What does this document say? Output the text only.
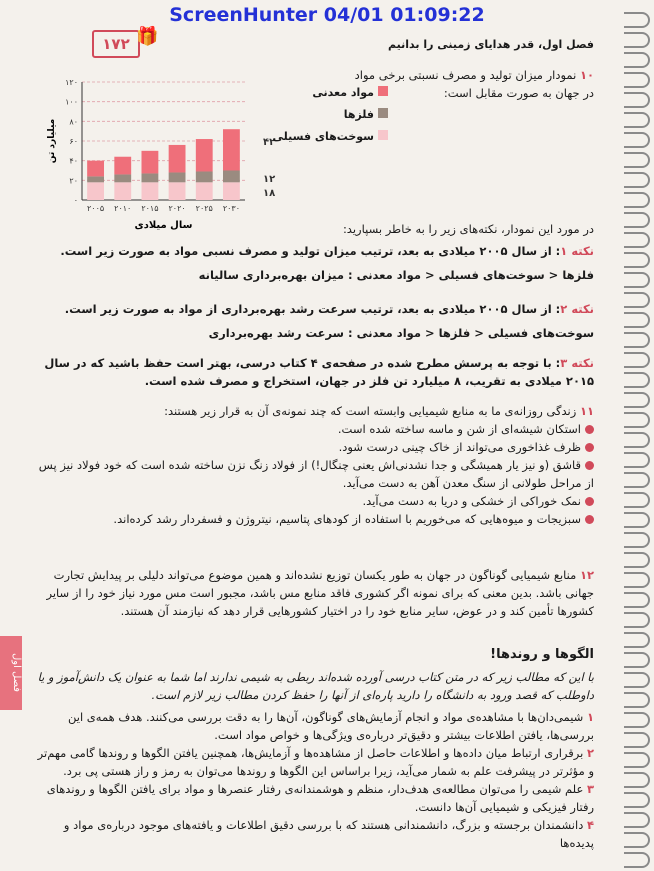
ScreenHunter 04/01 01:09:22
۱۷۲ 🎁	فصل اول، قدر هدایای زمینی را بدانیم
۰
۲۰
۴۰
۶۰
۸۰
۱۰۰
۱۲۰
۲۰۰۵ ۲۰۱۰ ۲۰۱۵ ۲۰۲۰ ۲۰۲۵ ۲۰۳۰
میلیارد تن
سال میلادی
۴۲
۱۲
۱۸
مواد معدنی
فلزها
سوخت‌های فسیلی
۱۰ نمودار میزان تولید و مصرف نسبتی برخی مواد در جهان به صورت مقابل است:
در مورد این نمودار، نکته‌های زیر را به خاطر بسپارید:
نکته ۱: از سال ۲۰۰۵ میلادی به بعد، ترتیب میزان تولید و مصرف نسبی مواد به صورت زیر است.
فلزها < سوخت‌های فسیلی < مواد معدنی : میزان بهره‌برداری سالیانه
نکته ۲: از سال ۲۰۰۵ میلادی به بعد، ترتیب سرعت رشد بهره‌برداری از مواد به صورت زیر است.
سوخت‌های فسیلی < فلزها < مواد معدنی : سرعت رشد بهره‌برداری
نکته ۳: با توجه به پرسش مطرح شده در صفحه‌ی ۴ کتاب درسی، بهتر است حفظ باشید که در سال ۲۰۱۵ میلادی به تقریب، ۸ میلیارد تن فلز در جهان، استخراج و مصرف شده است.
۱۱ زندگی روزانه‌ی ما به منابع شیمیایی وابسته است که چند نمونه‌ی آن به قرار زیر هستند:
استکان شیشه‌ای از شن و ماسه ساخته شده است.
ظرف غذاخوری می‌تواند از خاک چینی درست شود.
قاشق (و نیز یار همیشگی و جدا نشدنی‌اش یعنی چنگال!) از فولاد زنگ نزن ساخته شده است که خود فولاد نیز پس از مراحل طولانی از سنگ معدن آهن به دست می‌آید.
نمک خوراکی از خشکی و دریا به دست می‌آید.
سبزیجات و میوه‌هایی که می‌خوریم با استفاده از کودهای پتاسیم، نیتروژن و فسفردار رشد کرده‌اند.
۱۲ منابع شیمیایی گوناگون در جهان به طور یکسان توزیع نشده‌اند و همین موضوع می‌تواند دلیلی بر پیدایش تجارت جهانی باشد. بدین معنی که برای نمونه اگر کشوری فاقد منابع مس باشد، مجبور است مس مورد نیاز خود را از سایر کشورها تأمین کند و در عوض، سایر منابع خود را در اختیار کشورهایی قرار دهد که نیازمند آن هستند.
فصل اول	الگوها و روندها!
با این که مطالب زیر که در متن کتاب درسی آورده شده‌اند ربطی به شیمی ندارند اما شما به عنوان یک دانش‌آموز و یا داوطلب که قصد ورود به دانشگاه را دارید پاره‌ای از آنها را حفظ کردن مطالب زیر لازم است.
۱ شیمی‌دان‌ها با مشاهده‌ی مواد و انجام آزمایش‌های گوناگون، آن‌ها را به دقت بررسی می‌کنند. هدف همه‌ی این بررسی‌ها، یافتن اطلاعات بیشتر و دقیق‌تر درباره‌ی ویژگی‌ها و خواص مواد است.
۲ برقراری ارتباط میان داده‌ها و اطلاعات حاصل از مشاهده‌ها و آزمایش‌ها، همچنین یافتن الگوها و روندها گامی مهم‌تر و مؤثرتر در پیشرفت علم به شمار می‌آید، زیرا براساس این الگوها و روندها می‌توان به رمز و راز هستی پی برد.
۳ علم شیمی را می‌توان مطالعه‌ی هدف‌دار، منظم و هوشمندانه‌ی رفتار عنصرها و مواد برای یافتن الگوها و روندهای رفتار فیزیکی و شیمیایی آن‌ها دانست.
۴ دانشمندان برجسته و بزرگ، دانشمندانی هستند که با بررسی دقیق اطلاعات و یافته‌های موجود درباره‌ی مواد و پدیده‌ها
